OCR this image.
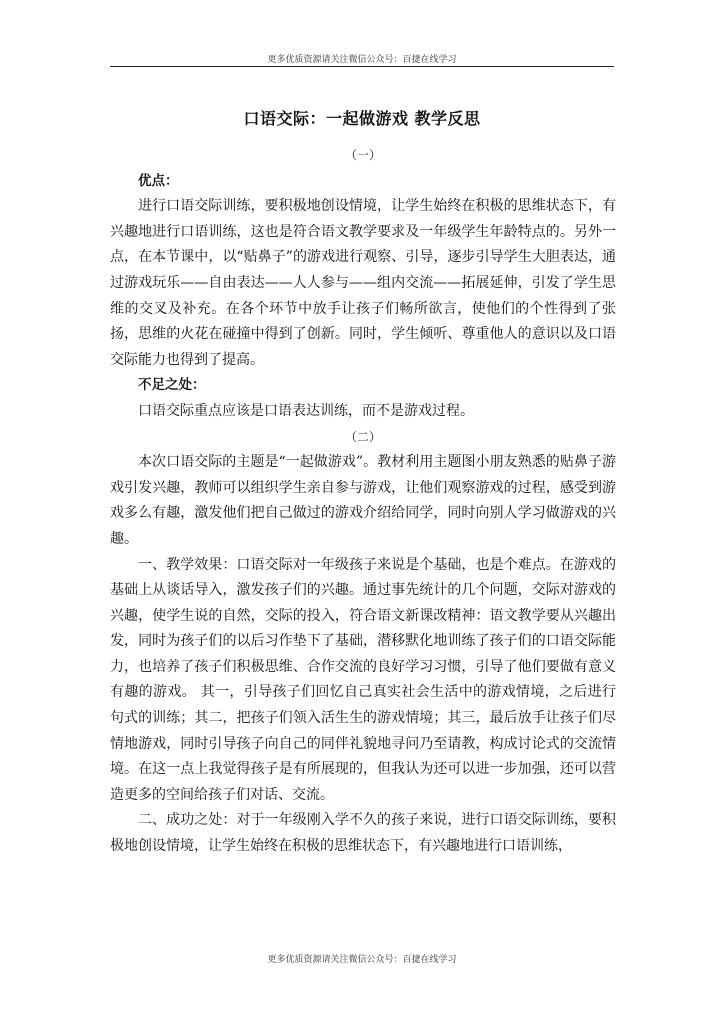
更多优质资源请关注微信公众号：百捷在线学习
口语交际：一起做游戏 教学反思
（一）
优点：

进行口语交际训练，要积极地创设情境，让学生始终在积极的思维状态下，有兴趣地进行口语训练，这也是符合语文教学要求及一年级学生年龄特点的。另外一点，在本节课中，以“贴鼻子”的游戏进行观察、引导，逐步引导学生大胆表达，通过游戏玩乐——自由表达——人人参与——组内交流——拓展延伸，引发了学生思维的交叉及补充。在各个环节中放手让孩子们畅所欲言，使他们的个性得到了张扬，思维的火花在碰撞中得到了创新。同时，学生倾听、尊重他人的意识以及口语交际能力也得到了提高。

不足之处：

口语交际重点应该是口语表达训练，而不是游戏过程。

（二）

本次口语交际的主题是“一起做游戏”。教材利用主题图小朋友熟悉的贴鼻子游戏引发兴趣，教师可以组织学生亲自参与游戏，让他们观察游戏的过程，感受到游戏多么有趣，激发他们把自己做过的游戏介绍给同学，同时向别人学习做游戏的兴趣。

一、教学效果：口语交际对一年级孩子来说是个基础，也是个难点。在游戏的基础上从谈话导入，激发孩子们的兴趣。通过事先统计的几个问题，交际对游戏的兴趣，使学生说的自然，交际的投入，符合语文新课改精神：语文教学要从兴趣出发，同时为孩子们的以后习作垫下了基础，潜移默化地训练了孩子们的口语交际能力，也培养了孩子们积极思维、合作交流的良好学习习惯，引导了他们要做有意义有趣的游戏。 其一，引导孩子们回忆自己真实社会生活中的游戏情境，之后进行句式的训练；其二，把孩子们领入活生生的游戏情境；其三，最后放手让孩子们尽情地游戏，同时引导孩子向自己的同伴礼貌地寻问乃至请教，构成讨论式的交流情境。在这一点上我觉得孩子是有所展现的，但我认为还可以进一步加强，还可以营造更多的空间给孩子们对话、交流。

二、成功之处：对于一年级刚入学不久的孩子来说，进行口语交际训练，要积极地创设情境，让学生始终在积极的思维状态下，有兴趣地进行口语训练，

更多优质资源请关注微信公众号：百捷在线学习
